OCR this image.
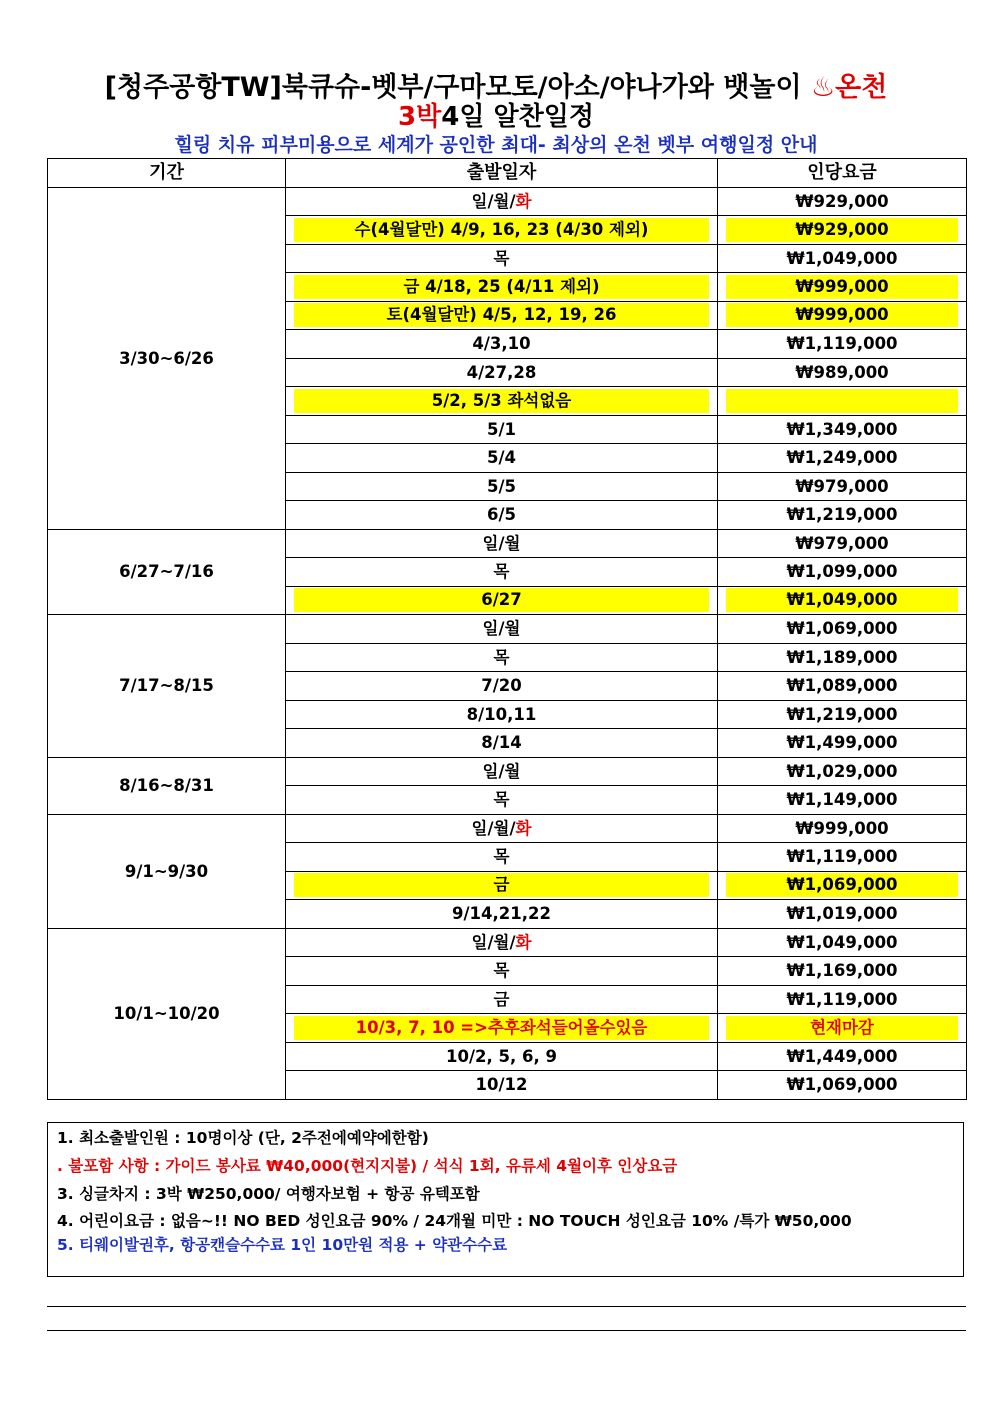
[청주공항TW]북큐슈-벳부/구마모토/아소/야나가와 뱃놀이 ♨온천
3박4일 알찬일정
힐링 치유 피부미용으로 세계가 공인한 최대- 최상의 온천 벳부 여행일정 안내
기간	출발일자	인당요금
3/30~6/26	일/월/화	₩929,000

	수(4월달만) 4/9, 16, 23 (4/30 제외)	₩929,000

	목	₩1,049,000

	금 4/18, 25 (4/11 제외)	₩999,000

	토(4월달만) 4/5, 12, 19, 26	₩999,000

	4/3,10	₩1,119,000
	4/27,28	₩989,000

	5/2, 5/3 좌석없음	

	5/1	₩1,349,000
	5/4	₩1,249,000
	5/5	₩979,000
	6/5	₩1,219,000
6/27~7/16	일/월	₩979,000
	목	₩1,099,000

	6/27	₩1,049,000

7/17~8/15	일/월	₩1,069,000
	목	₩1,189,000
	7/20	₩1,089,000
	8/10,11	₩1,219,000
	8/14	₩1,499,000
8/16~8/31	일/월	₩1,029,000
	목	₩1,149,000
9/1~9/30	일/월/화	₩999,000
	목	₩1,119,000

	금	₩1,069,000

	9/14,21,22	₩1,019,000
10/1~10/20	일/월/화	₩1,049,000
	목	₩1,169,000
	금	₩1,119,000

	10/3, 7, 10 =>추후좌석들어올수있음	현재마감

	10/2, 5, 6, 9	₩1,449,000
	10/12	₩1,069,000
1. 최소출발인원 : 10명이상 (단, 2주전에예약에한함)
. 불포함 사항 : 가이드 봉사료 ₩40,000(현지지불) / 석식 1회, 유류세 4월이후 인상요금
3. 싱글차지 : 3박 ₩250,000/ 여행자보험 + 항공 유텍포함
4. 어린이요금 : 없음~!! NO BED 성인요금 90% / 24개월 미만 : NO TOUCH 성인요금 10% /특가 ₩50,000
5. 티웨이발권후, 항공캔슬수수료 1인 10만원 적용 + 약관수수료
